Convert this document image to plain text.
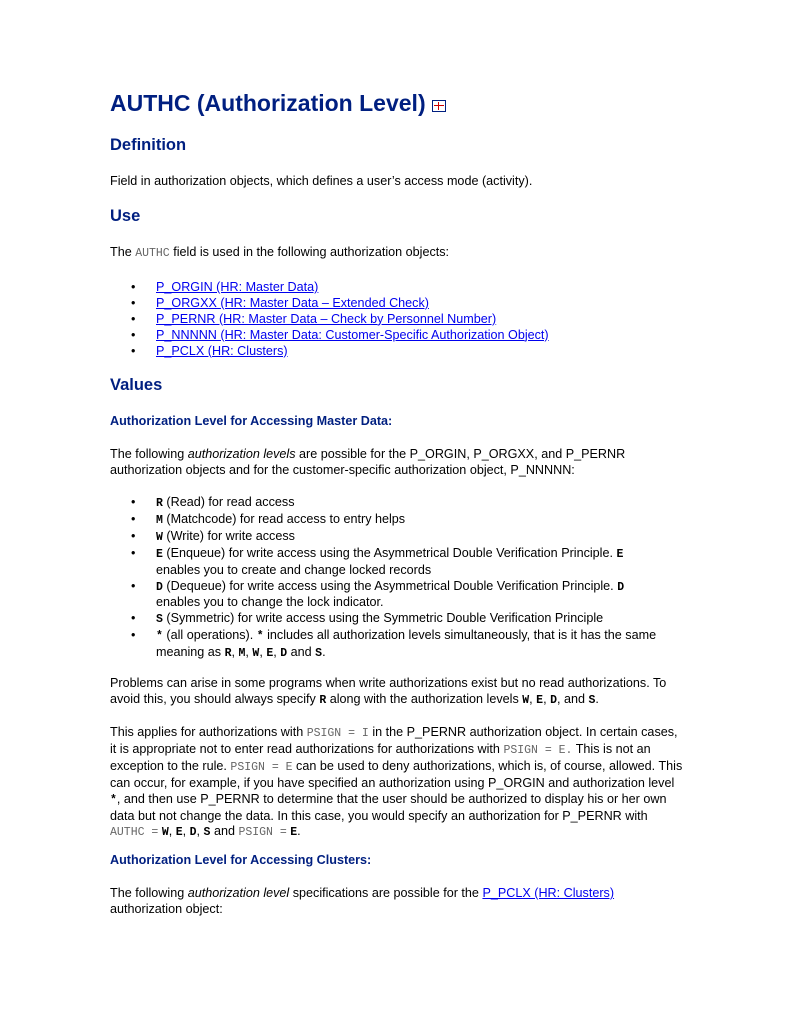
AUTHC (Authorization Level)
Definition

Field in authorization objects, which defines a user’s access mode (activity).

Use

The AUTHC field is used in the following authorization objects:

• P_ORGIN (HR: Master Data)
• P_ORGXX (HR: Master Data – Extended Check)
• P_PERNR (HR: Master Data – Check by Personnel Number)
• P_NNNNN (HR: Master Data: Customer-Specific Authorization Object)
• P_PCLX (HR: Clusters)
Values
Authorization Level for Accessing Master Data:

The following authorization levels are possible for the P_ORGIN, P_ORGXX, and P_PERNR authorization objects and for the customer-specific authorization object, P_NNNNN:

• R (Read) for read access
• M (Matchcode) for read access to entry helps
• W (Write) for write access
• E (Enqueue) for write access using the Asymmetrical Double Verification Principle. E enables you to create and change locked records
• D (Dequeue) for write access using the Asymmetrical Double Verification Principle. D enables you to change the lock indicator.
• S (Symmetric) for write access using the Symmetric Double Verification Principle
• * (all operations). * includes all authorization levels simultaneously, that is it has the same meaning as R, M, W, E, D and S.

Problems can arise in some programs when write authorizations exist but no read authorizations. To avoid this, you should always specify R along with the authorization levels W, E, D, and S.

This applies for authorizations with PSIGN = I in the P_PERNR authorization object. In certain cases, it is appropriate not to enter read authorizations for authorizations with PSIGN = E. This is not an exception to the rule. PSIGN = E can be used to deny authorizations, which is, of course, allowed. This can occur, for example, if you have specified an authorization using P_ORGIN and authorization level *, and then use P_PERNR to determine that the user should be authorized to display his or her own data but not change the data. In this case, you would specify an authorization for P_PERNR with AUTHC = W, E, D, S and PSIGN = E.

Authorization Level for Accessing Clusters:

The following authorization level specifications are possible for the P_PCLX (HR: Clusters) authorization object:
